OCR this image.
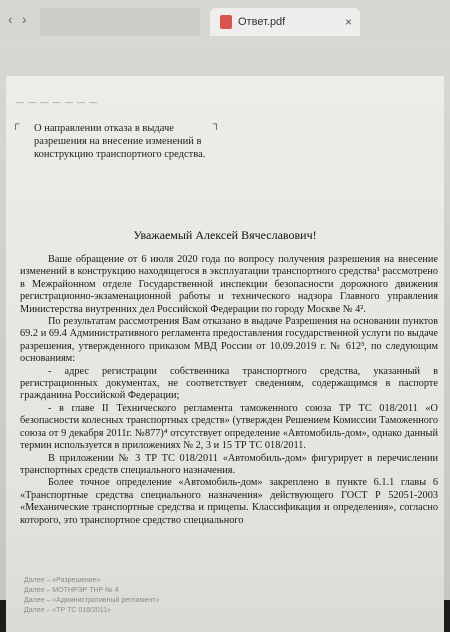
‹ ›	Ответ.pdf	×
— — — — — — —
┌	┐
О направлении отказа в выдаче разрешения на внесение изменений в конструкцию транспортного средства.
Уважаемый Алексей Вячеславович!

Ваше обращение от 6 июля 2020 года по вопросу получения разрешения на внесение изменений в конструкцию находящегося в эксплуатации транспортного средства¹ рассмотрено в Межрайонном отделе Государственной инспекции безопасности дорожного движения регистрационно-экзаменационной работы и технического надзора Главного управления Министерства внутренних дел Российской Федерации по городу Москве № 4².

По результатам рассмотрения Вам отказано в выдаче Разрешения на основании пунктов 69.2 и 69.4 Административного регламента предоставления государственной услуги по выдаче разрешения, утвержденного приказом МВД России от 10.09.2019 г. № 612³, по следующим основаниям:

- адрес регистрации собственника транспортного средства, указанный в регистрационных документах, не соответствует сведениям, содержащимся в паспорте гражданина Российской Федерации;

- в главе II Технического регламента таможенного союза ТР ТС 018/2011 «О безопасности колесных транспортных средств» (утвержден Решением Комиссии Таможенного союза от 9 декабря 2011г. №877)⁴ отсутствует определение «Автомобиль-дом», однако данный термин используется в приложениях № 2, 3 и 15 ТР ТС 018/2011.

В приложении № 3 ТР ТС 018/2011 «Автомобиль-дом» фигурирует в перечислении транспортных средств специального назначения.

Более точное определение «Автомобиль-дом» закреплено в пункте 6.1.1 главы 6 «Транспортные средства специального назначения» действующего ГОСТ Р 52051-2003 «Механические транспортные средства и прицепы. Классификация и определения», согласно которого, это транспортное средство специального

Далее – «Разрешение»
Далее – МОТНРЭР ТНР № 4
Далее – «Административный регламент»
Далее – «ТР ТС 018/2011»
